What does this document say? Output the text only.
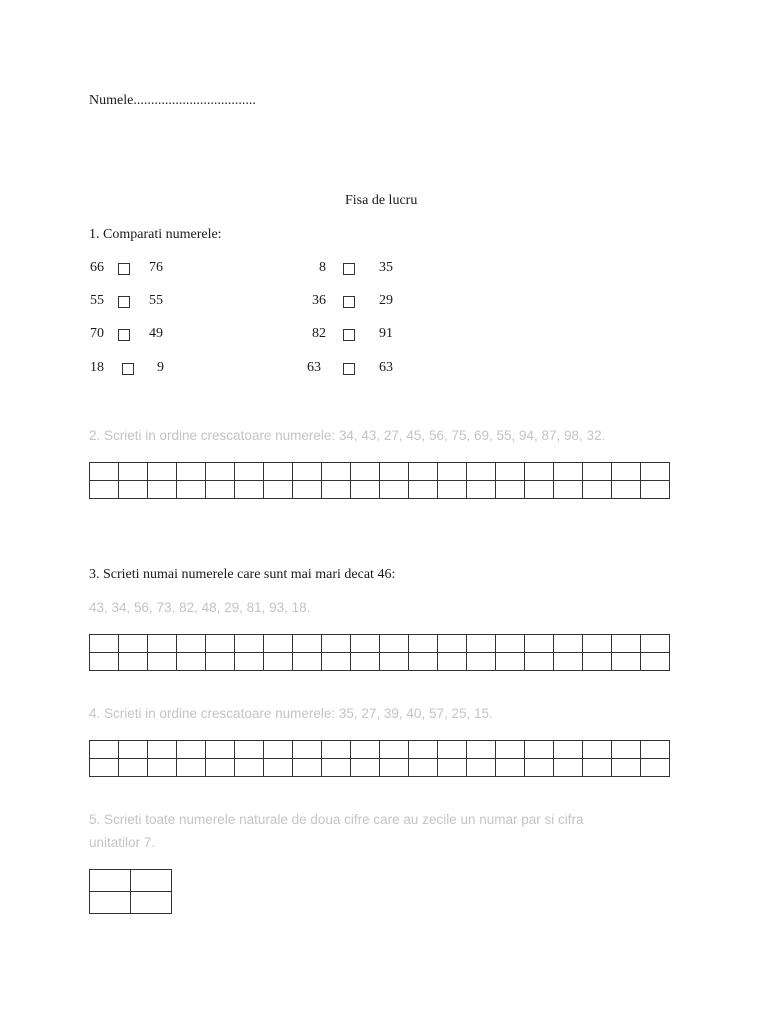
Numele...................................
Fisa de lucru
1. Comparati numerele:
66	76
55	55
70	49
18	9
8	35
36	29
82	91
63	63
2. Scrieti in ordine crescatoare numerele: 34, 43, 27, 45, 56, 75, 69, 55, 94, 87, 98, 32.

3. Scrieti numai numerele care sunt mai mari decat 46:
43, 34, 56, 73, 82, 48, 29, 81, 93, 18.

4. Scrieti in ordine crescatoare numerele: 35, 27, 39, 40, 57, 25, 15.

5. Scrieti toate numerele naturale de doua cifre care au zecile un numar par si cifra
unitatilor 7.
